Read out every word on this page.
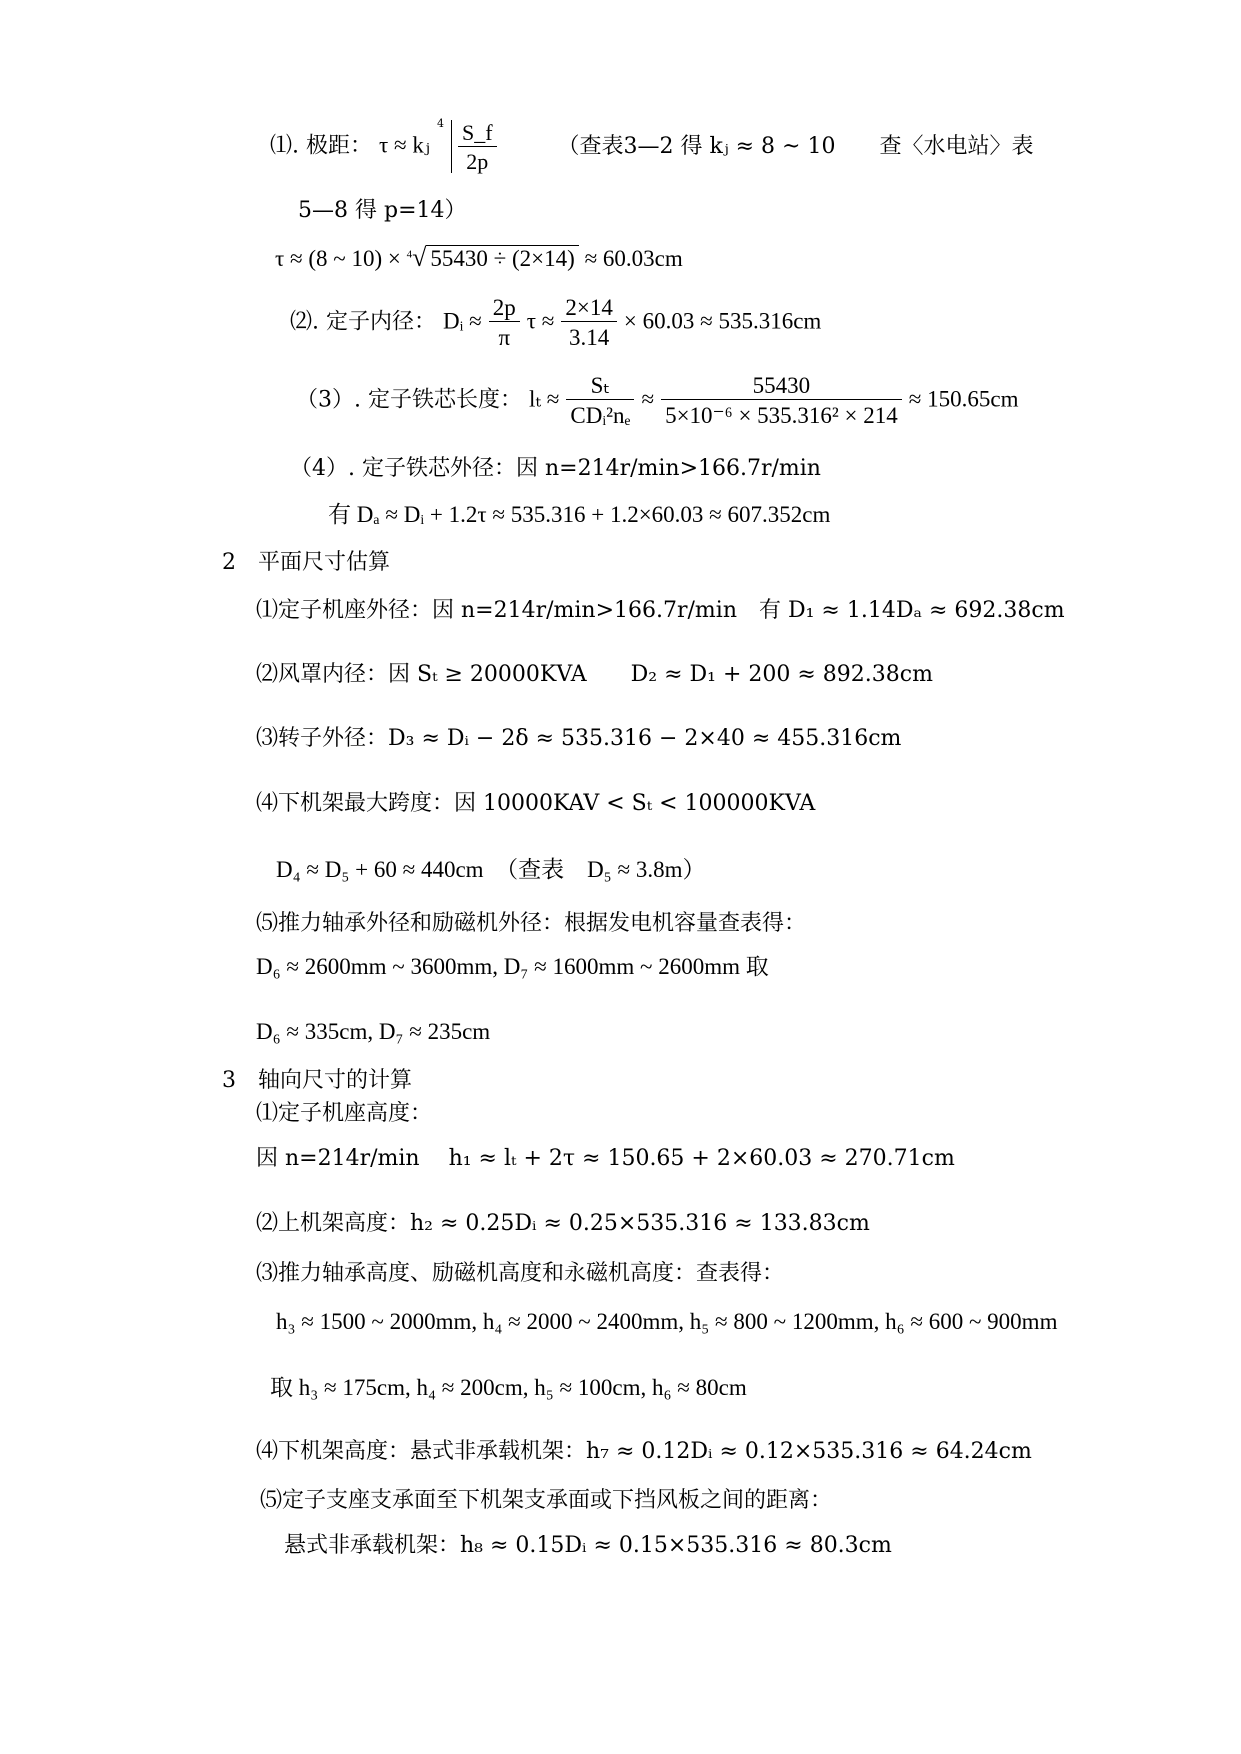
⑴. 极距： τ ≈ kⱼ
$4 \frac{S\_f}{2p}$	（查表3—2 得 kⱼ ≈ 8 ~ 10　　查〈水电站〉表
5—8 得 p=14）
τ ≈ (8 ~ 10) × $^4$√ 55430 ÷ (2×14) ≈ 60.03cm
⑵. 定子内径： Dᵢ ≈ $\frac{2p}{\pi}$ $\tau \approx \frac{2\times 14}{3.14} \times 60.03 \approx 535.316cm$
（3）. 定子铁芯长度： $l_t \approx \frac{\text{Sₜ}}{\text{CDᵢ²nₑ}} \approx \frac{55430}{\text{5×10⁻⁶ × 535.316² × 214}} \approx 150.65cm$
（4）. 定子铁芯外径：因 n=214r/min>166.7r/min
有 Dₐ ≈ Dᵢ + 1.2τ ≈ 535.316 + 1.2×60.03 ≈ 607.352cm
2　平面尺寸估算
⑴定子机座外径：因 n=214r/min>166.7r/min　有 D₁ ≈ 1.14Dₐ ≈ 692.38cm
⑵风罩内径：因 Sₜ ≥ 20000KVA　　D₂ ≈ D₁ + 200 ≈ 892.38cm
⑶转子外径：D₃ ≈ Dᵢ − 2δ ≈ 535.316 − 2×40 ≈ 455.316cm
⑷下机架最大跨度：因 10000KAV < Sₜ < 100000KVA
D₄ ≈ D₅ + 60 ≈ 440cm　（查表　D₅ ≈ 3.8m）
⑸推力轴承外径和励磁机外径：根据发电机容量查表得：
D₆ ≈ 2600mm ~ 3600mm, D₇ ≈ 1600mm ~ 2600mm 取
D₆ ≈ 335cm, D₇ ≈ 235cm
3　轴向尺寸的计算
⑴定子机座高度：
因 n=214r/min　 h₁ ≈ lₜ + 2τ ≈ 150.65 + 2×60.03 ≈ 270.71cm
⑵上机架高度：h₂ ≈ 0.25Dᵢ ≈ 0.25×535.316 ≈ 133.83cm
⑶推力轴承高度、励磁机高度和永磁机高度：查表得：
h₃ ≈ 1500 ~ 2000mm, h₄ ≈ 2000 ~ 2400mm, h₅ ≈ 800 ~ 1200mm, h₆ ≈ 600 ~ 900mm
取 h₃ ≈ 175cm, h₄ ≈ 200cm, h₅ ≈ 100cm, h₆ ≈ 80cm
⑷下机架高度：悬式非承载机架：h₇ ≈ 0.12Dᵢ ≈ 0.12×535.316 ≈ 64.24cm
⑸定子支座支承面至下机架支承面或下挡风板之间的距离：
悬式非承载机架：h₈ ≈ 0.15Dᵢ ≈ 0.15×535.316 ≈ 80.3cm
